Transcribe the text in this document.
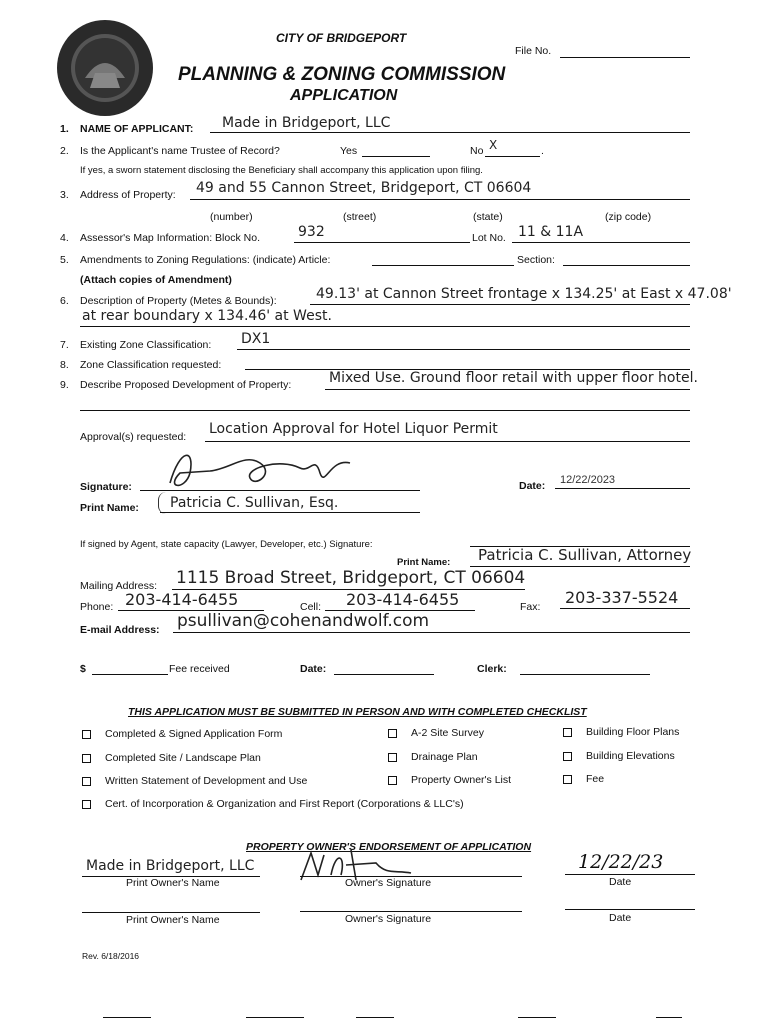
CITY OF BRIDGEPORT
File No.
PLANNING & ZONING COMMISSION
APPLICATION
1. NAME OF APPLICANT: Made in Bridgeport, LLC
2. Is the Applicant's name Trustee of Record?	Yes	No X	.
If yes, a sworn statement disclosing the Beneficiary shall accompany this application upon filing.
3. Address of Property: 49 and 55 Cannon Street, Bridgeport, CT 06604
(number)	(street)	(state)	(zip code)
4. Assessor's Map Information: Block No.	932	Lot No. 11 & 11A
5. Amendments to Zoning Regulations: (indicate) Article:	Section:
(Attach copies of Amendment)
6. Description of Property (Metes & Bounds):	49.13' at Cannon Street frontage x 134.25' at East x 47.08'
at rear boundary x 134.46' at West.
7. Existing Zone Classification: DX1
8. Zone Classification requested:
9. Describe Proposed Development of Property:	Mixed Use. Ground floor retail with upper floor hotel.
Approval(s) requested: Location Approval for Hotel Liquor Permit
Signature:	Date: 12/22/2023
Print Name: Patricia C. Sullivan, Esq.
If signed by Agent, state capacity (Lawyer, Developer, etc.) Signature:
Print Name: Patricia C. Sullivan, Attorney
Mailing Address: 1115 Broad Street, Bridgeport, CT 06604
Phone: 203-414-6455	Cell: 203-414-6455	Fax: 203-337-5524
E-mail Address: psullivan@cohenandwolf.com
$	Fee received	Date:	Clerk:
THIS APPLICATION MUST BE SUBMITTED IN PERSON AND WITH COMPLETED CHECKLIST
Completed & Signed Application Form	A-2 Site Survey	Building Floor Plans
Completed Site / Landscape Plan	Drainage Plan	Building Elevations
Written Statement of Development and Use	Property Owner's List	Fee
Cert. of Incorporation & Organization and First Report (Corporations & LLC's)
PROPERTY OWNER'S ENDORSEMENT OF APPLICATION
Made in Bridgeport, LLC
Print Owner's Name	Owner's Signature
12/22/23
Date
Print Owner's Name	Owner's Signature	Date
Rev. 6/18/2016
